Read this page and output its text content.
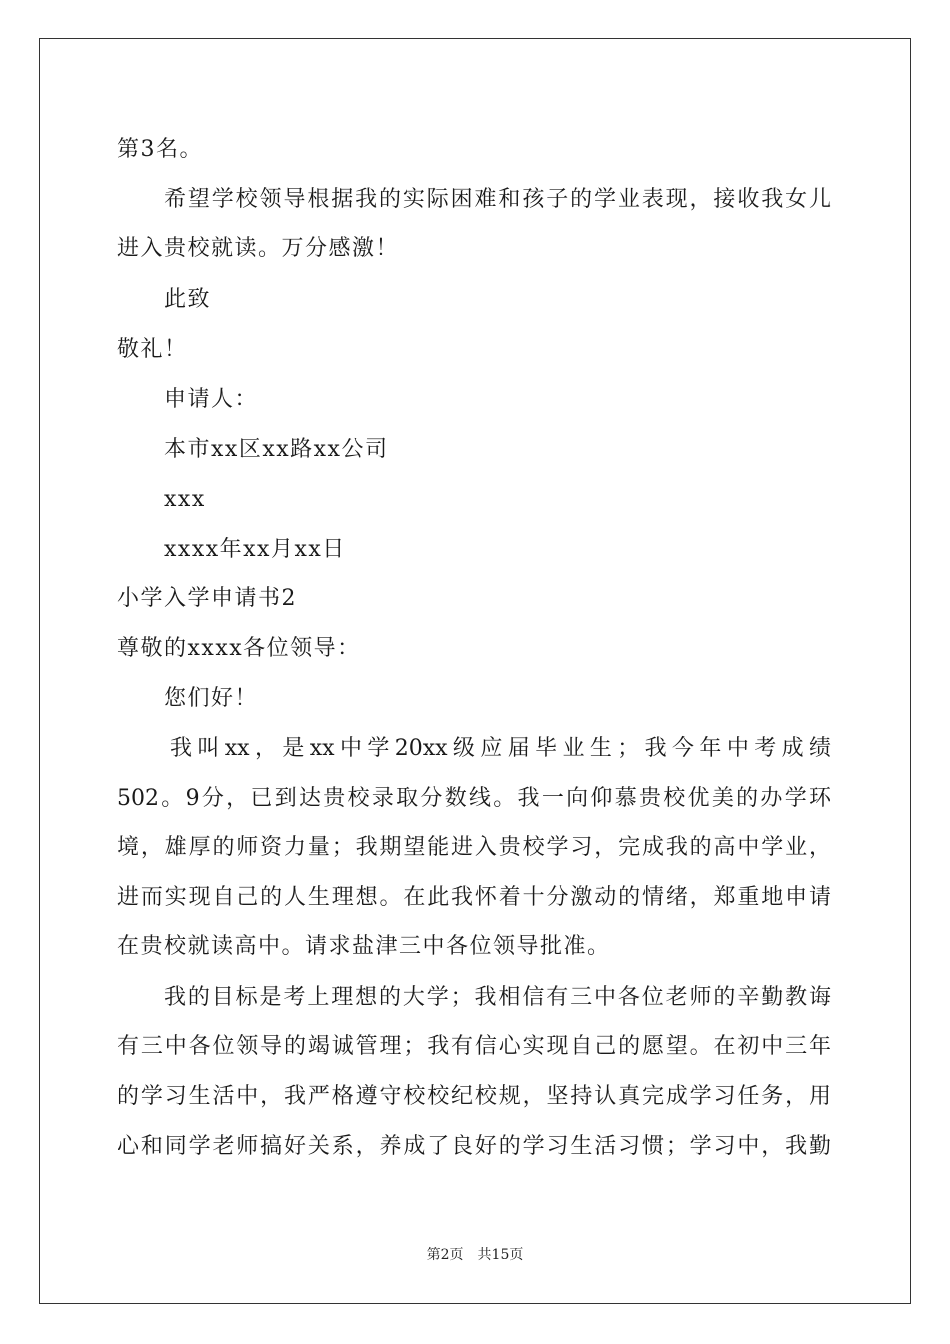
第3名。
希望学校领导根据我的实际困难和孩子的学业表现，接收我女儿
进入贵校就读。万分感激！
此致
敬礼！
申请人：
本市xx区xx路xx公司
xxx
xxxx年xx月xx日
小学入学申请书2
尊敬的xxxx各位领导：
您们好！
我叫xx，是xx中学20xx级应届毕业生；我今年中考成绩
502。9分，已到达贵校录取分数线。我一向仰慕贵校优美的办学环
境，雄厚的师资力量；我期望能进入贵校学习，完成我的高中学业，
进而实现自己的人生理想。在此我怀着十分激动的情绪，郑重地申请
在贵校就读高中。请求盐津三中各位领导批准。
我的目标是考上理想的大学；我相信有三中各位老师的辛勤教诲
有三中各位领导的竭诚管理；我有信心实现自己的愿望。在初中三年
的学习生活中，我严格遵守校校纪校规，坚持认真完成学习任务，用
心和同学老师搞好关系，养成了良好的学习生活习惯；学习中，我勤
第2页 共15页
